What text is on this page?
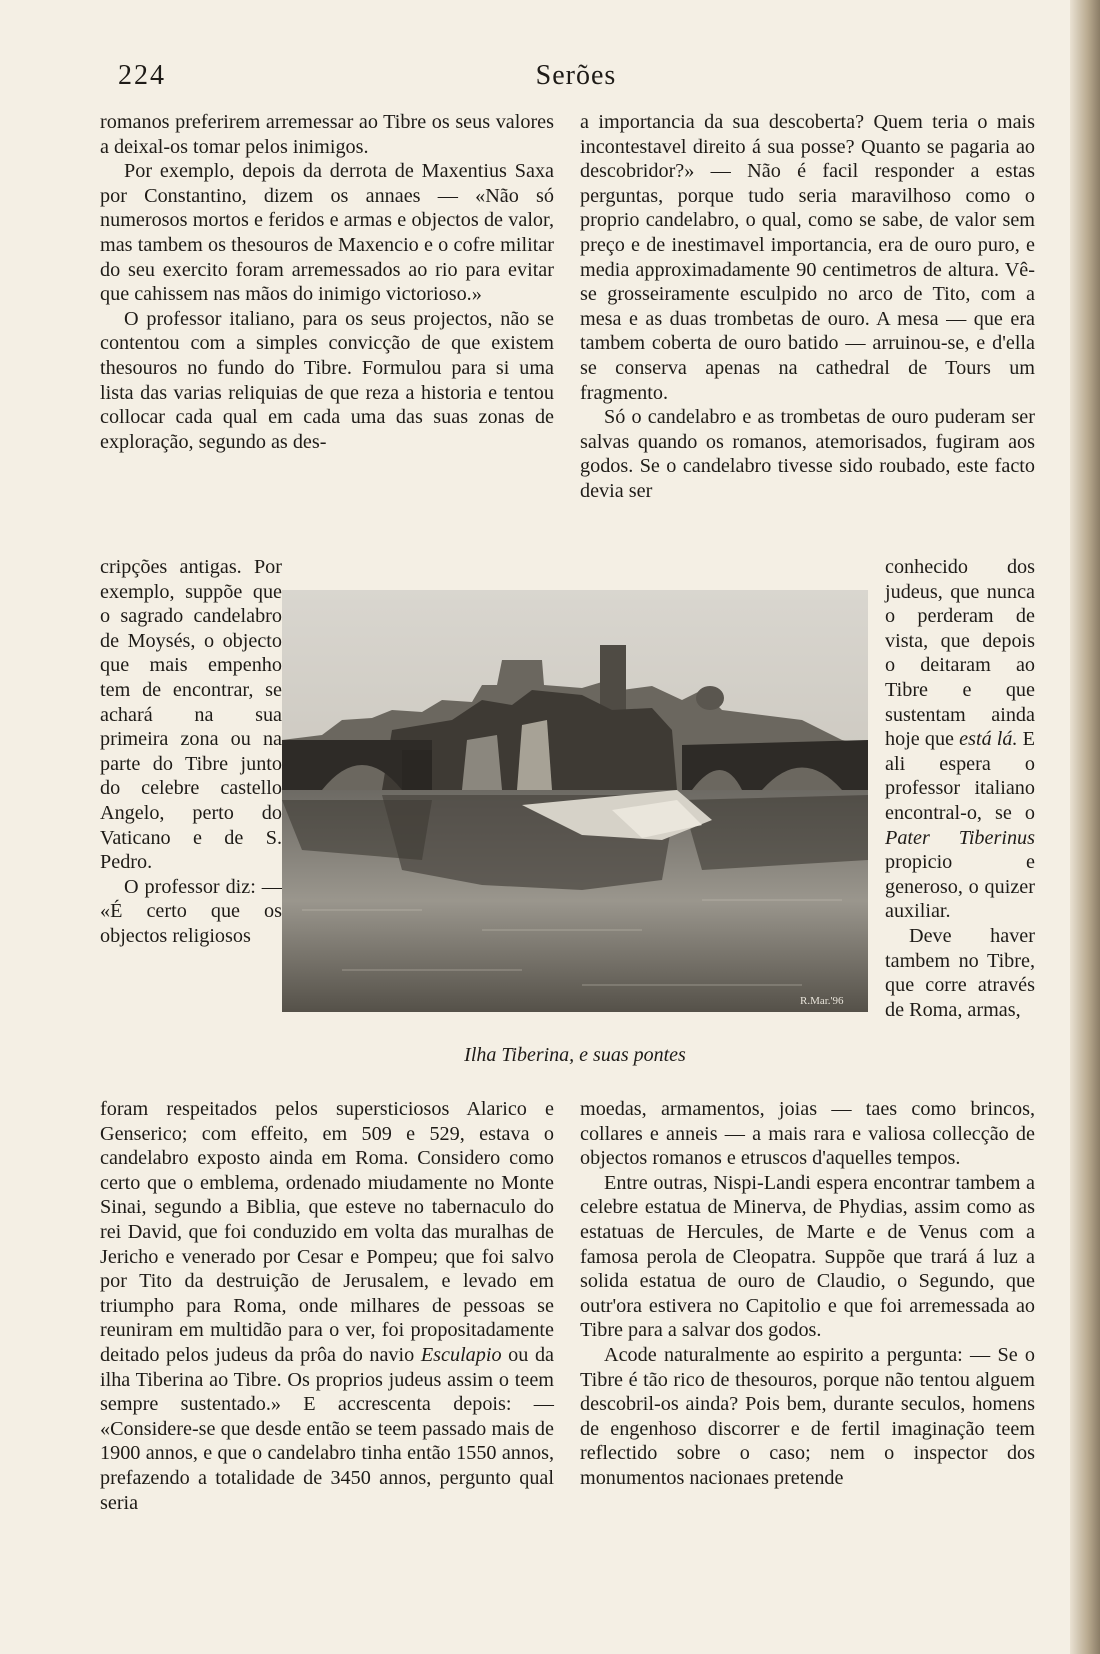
224	Serões

romanos preferirem arremessar ao Tibre os seus valores a deixal-os tomar pelos inimigos.

Por exemplo, depois da derrota de Maxentius Saxa por Constantino, dizem os annaes — «Não só numerosos mortos e feridos e armas e objectos de valor, mas tambem os thesouros de Maxencio e o cofre militar do seu exercito foram arremessados ao rio para evitar que cahissem nas mãos do inimigo victorioso.»

O professor italiano, para os seus projectos, não se contentou com a simples convicção de que existem thesouros no fundo do Tibre. Formulou para si uma lista das varias reliquias de que reza a historia e tentou collocar cada qual em cada uma das suas zonas de exploração, segundo as des-

cripções antigas. Por exemplo, suppõe que o sagrado candelabro de Moysés, o objecto que mais empenho tem de encontrar, se achará na sua primeira zona ou na parte do Tibre junto do celebre castello Angelo, perto do Vaticano e de S. Pedro.

O professor diz: — «É certo que os objectos religiosos

a importancia da sua descoberta? Quem teria o mais incontestavel direito á sua posse? Quanto se pagaria ao descobridor?» — Não é facil responder a estas perguntas, porque tudo seria maravilhoso como o proprio candelabro, o qual, como se sabe, de valor sem preço e de inestimavel importancia, era de ouro puro, e media approximadamente 90 centimetros de altura. Vê-se grosseiramente esculpido no arco de Tito, com a mesa e as duas trombetas de ouro. A mesa — que era tambem coberta de ouro batido — arruinou-se, e d'ella se conserva apenas na cathedral de Tours um fragmento.

Só o candelabro e as trombetas de ouro puderam ser salvas quando os romanos, atemorisados, fugiram aos godos. Se o candelabro tivesse sido roubado, este facto devia ser

conhecido dos judeus, que nunca o perderam de vista, que depois o deitaram ao Tibre e que sustentam ainda hoje que está lá. E ali espera o professor italiano encontral-o, se o Pater Tiberinus propicio e generoso, o quizer auxiliar.

Deve haver tambem no Tibre, que corre através de Roma, armas,

R.Mar.'96
Ilha Tiberina, e suas pontes

foram respeitados pelos supersticiosos Alarico e Genserico; com effeito, em 509 e 529, estava o candelabro exposto ainda em Roma. Considero como certo que o emblema, ordenado miudamente no Monte Sinai, segundo a Biblia, que esteve no tabernaculo do rei David, que foi conduzido em volta das muralhas de Jericho e venerado por Cesar e Pompeu; que foi salvo por Tito da destruição de Jerusalem, e levado em triumpho para Roma, onde milhares de pessoas se reuniram em multidão para o ver, foi propositadamente deitado pelos judeus da prôa do navio Esculapio ou da ilha Tiberina ao Tibre. Os proprios judeus assim o teem sempre sustentado.» E accrescenta depois: — «Considere-se que desde então se teem passado mais de 1900 annos, e que o candelabro tinha então 1550 annos, prefazendo a totalidade de 3450 annos, pergunto qual seria

moedas, armamentos, joias — taes como brincos, collares e anneis — a mais rara e valiosa collecção de objectos romanos e etruscos d'aquelles tempos.

Entre outras, Nispi-Landi espera encontrar tambem a celebre estatua de Minerva, de Phydias, assim como as estatuas de Hercules, de Marte e de Venus com a famosa perola de Cleopatra. Suppõe que trará á luz a solida estatua de ouro de Claudio, o Segundo, que outr'ora estivera no Capitolio e que foi arremessada ao Tibre para a salvar dos godos.

Acode naturalmente ao espirito a pergunta: — Se o Tibre é tão rico de thesouros, porque não tentou alguem descobril-os ainda? Pois bem, durante seculos, homens de engenhoso discorrer e de fertil imaginação teem reflectido sobre o caso; nem o inspector dos monumentos nacionaes pretende
